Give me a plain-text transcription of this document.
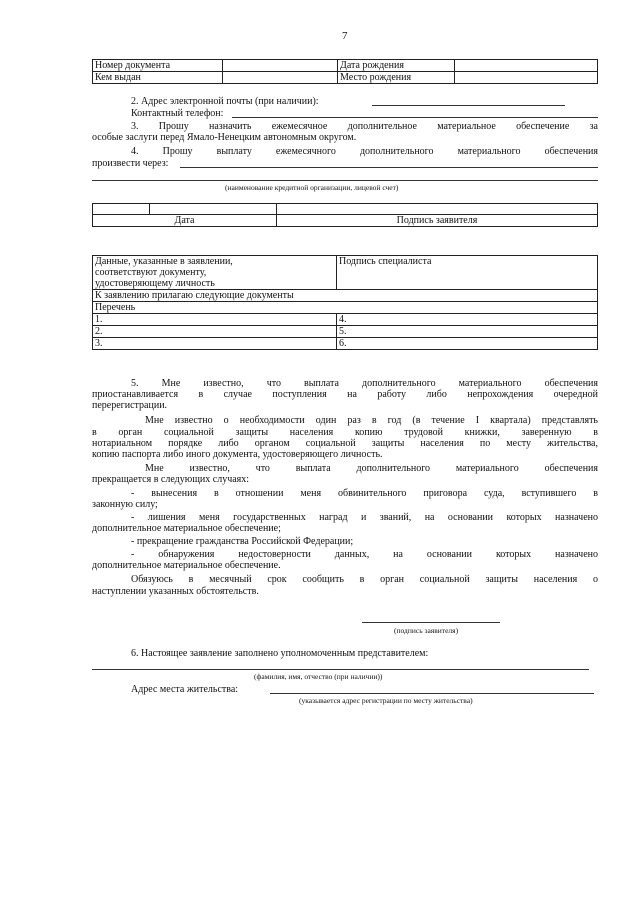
7
Номер документа		Дата рождения	
Кем выдан		Место рождения	
2. Адрес электронной почты (при наличии):
Контактный телефон:
3. Прошу назначить ежемесячное дополнительное материальное обеспечение за
особые заслуги перед Ямало-Ненецким автономным округом.
4. Прошу выплату ежемесячного дополнительного материального обеспечения
произвести через:
(наименование кредитной организации, лицевой счет)

Дата		Подпись заявителя
Данные, указанные в заявлении,
соответствуют документу,
удостоверяющему личность	Подпись специалиста
К заявлению прилагаю следующие документы	
Перечень	
1.	4.
2.	5.
3.	6.
5. Мне известно, что выплата дополнительного материального обеспечения
приостанавливается в случае поступления на работу либо непрохождения очередной
перерегистрации.
Мне известно о необходимости один раз в год (в течение I квартала) представлять
в орган социальной защиты населения копию трудовой книжки, заверенную в
нотариальном порядке либо органом социальной защиты населения по месту жительства,
копию паспорта либо иного документа, удостоверяющего личность.
Мне известно, что выплата дополнительного материального обеспечения
прекращается в следующих случаях:
- вынесения в отношении меня обвинительного приговора суда, вступившего в
законную силу;
- лишения меня государственных наград и званий, на основании которых назначено
дополнительное материальное обеспечение;
- прекращение гражданства Российской Федерации;
- обнаружения недостоверности данных, на основании которых назначено
дополнительное материальное обеспечение.
Обязуюсь в месячный срок сообщить в орган социальной защиты населения о
наступлении указанных обстоятельств.
(подпись заявителя)
6. Настоящее заявление заполнено уполномоченным представителем:
(фамилия, имя, отчество (при наличии))
Адрес места жительства:
(указывается адрес регистрации по месту жительства)
